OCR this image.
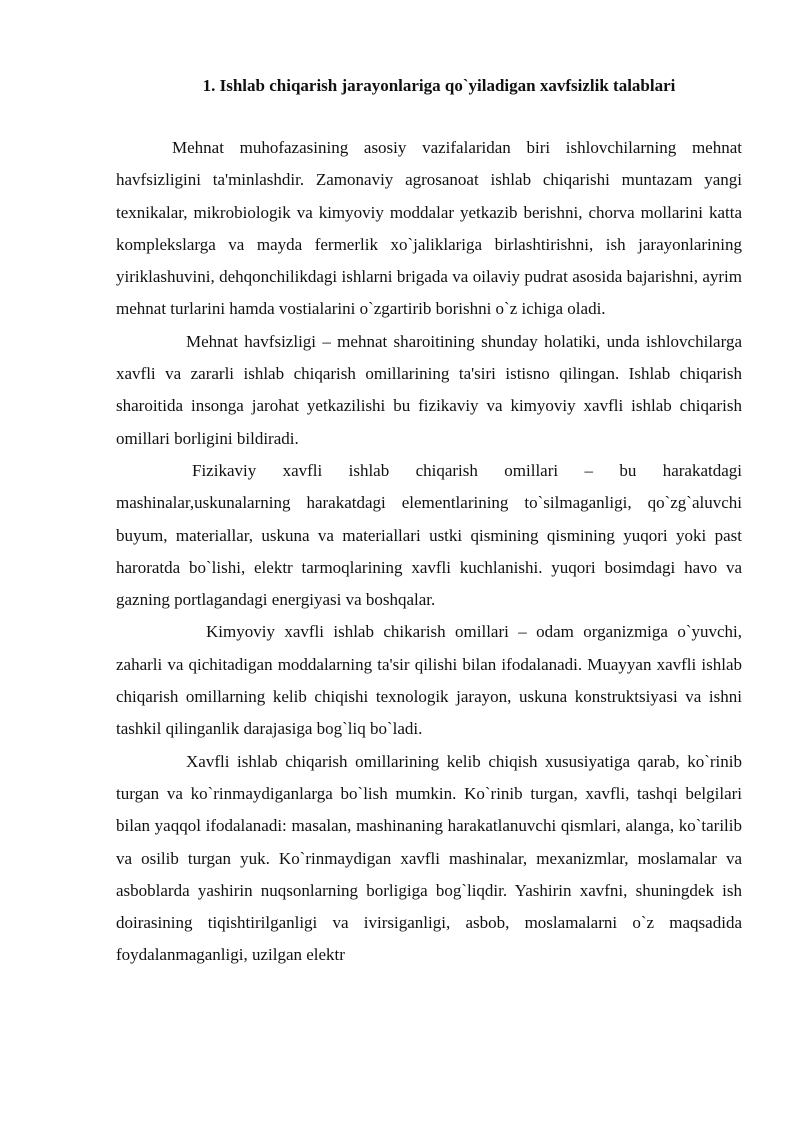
1. Ishlab chiqarish jarayonlariga qo`yiladigan xavfsizlik talablari

Mehnat muhofazasining asosiy vazifalaridan biri ishlovchilarning mehnat havfsizligini ta'minlashdir. Zamonaviy agrosanoat ishlab chiqarishi muntazam yangi texnikalar, mikrobiologik va kimyoviy moddalar yetkazib berishni, chorva mollarini katta komplekslarga va mayda fermerlik xo`jaliklariga birlashtirishni, ish jarayonlarining yiriklashuvini, dehqonchilikdagi ishlarni brigada va oilaviy pudrat asosida bajarishni, ayrim mehnat turlarini hamda vostialarini o`zgartirib borishni o`z ichiga oladi.

Mehnat havfsizligi – mehnat sharoitining shunday holatiki, unda ishlovchilarga xavfli va zararli ishlab chiqarish omillarining ta'siri istisno qilingan. Ishlab chiqarish sharoitida insonga jarohat yetkazilishi bu fizikaviy va kimyoviy xavfli ishlab chiqarish omillari borligini bildiradi.

Fizikaviy xavfli ishlab chiqarish omillari – bu harakatdagi mashinalar,uskunalarning harakatdagi elementlarining to`silmaganligi, qo`zg`aluvchi buyum, materiallar, uskuna va materiallari ustki qismining qismining yuqori yoki past haroratda bo`lishi, elektr tarmoqlarining xavfli kuchlanishi. yuqori bosimdagi havo va gazning portlagandagi energiyasi va boshqalar.

Kimyoviy xavfli ishlab chikarish omillari – odam organizmiga o`yuvchi, zaharli va qichitadigan moddalarning ta'sir qilishi bilan ifodalanadi. Muayyan xavfli ishlab chiqarish omillarning kelib chiqishi texnologik jarayon, uskuna konstruktsiyasi va ishni tashkil qilinganlik darajasiga bog`liq bo`ladi.

Xavfli ishlab chiqarish omillarining kelib chiqish xususiyatiga qarab, ko`rinib turgan va ko`rinmaydiganlarga bo`lish mumkin. Ko`rinib turgan, xavfli, tashqi belgilari bilan yaqqol ifodalanadi: masalan, mashinaning harakatlanuvchi qismlari, alanga, ko`tarilib va osilib turgan yuk. Ko`rinmaydigan xavfli mashinalar, mexanizmlar, moslamalar va asboblarda yashirin nuqsonlarning borligiga bog`liqdir. Yashirin xavfni, shuningdek ish doirasining tiqishtirilganligi va ivirsiganligi, asbob, moslamalarni o`z maqsadida foydalanmaganligi, uzilgan elektr
